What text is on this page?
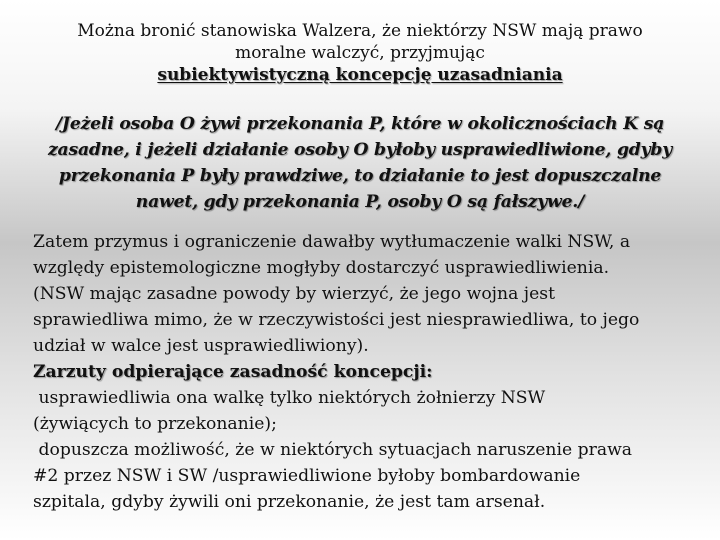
Można bronić stanowiska Walzera, że niektórzy NSW mają prawo
moralne walczyć, przyjmując
subiektywistyczną koncepcję uzasadniania
/Jeżeli osoba O żywi przekonania P, które w okolicznościach K są
zasadne, i jeżeli działanie osoby O byłoby usprawiedliwione, gdyby
przekonania P były prawdziwe, to działanie to jest dopuszczalne
nawet, gdy przekonania P, osoby O są fałszywe./
Zatem przymus i ograniczenie dawałby wytłumaczenie walki NSW, a
względy epistemologiczne mogłyby dostarczyć usprawiedliwienia.
(NSW mając zasadne powody by wierzyć, że jego wojna jest
sprawiedliwa mimo, że w rzeczywistości jest niesprawiedliwa, to jego
udział w walce jest usprawiedliwiony).
Zarzuty odpierające zasadność koncepcji:
usprawiedliwia ona walkę tylko niektórych żołnierzy NSW
(żywiących to przekonanie);
dopuszcza możliwość, że w niektórych sytuacjach naruszenie prawa
#2 przez NSW i SW /usprawiedliwione byłoby bombardowanie
szpitala, gdyby żywili oni przekonanie, że jest tam arsenał.
